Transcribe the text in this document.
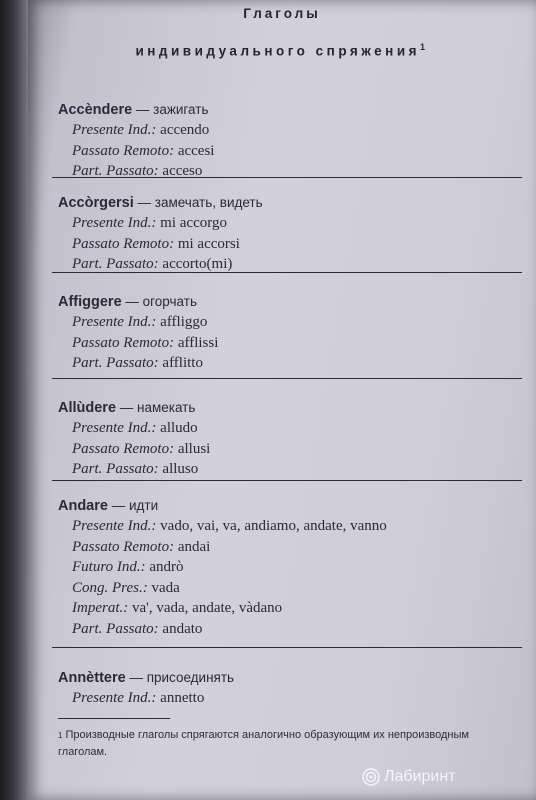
Глаголы
индивидуального спряжения$^1$
Accèndere — зажигать
Presente Ind.: accendo
Passato Remoto: accesi
Part. Passato: acceso
Accòrgersi — замечать, видеть
Presente Ind.: mi accorgo
Passato Remoto: mi accorsi
Part. Passato: accorto(mi)
Affiggere — огорчать
Presente Ind.: affliggo
Passato Remoto: afflissi
Part. Passato: afflitto
Allùdere — намекать
Presente Ind.: alludo
Passato Remoto: allusi
Part. Passato: alluso
Andare — идти
Presente Ind.: vado, vai, va, andiamo, andate, vanno
Passato Remoto: andai
Futuro Ind.: andrò
Cong. Pres.: vada
Imperat.: va', vada, andate, vàdano
Part. Passato: andato
Annèttere — присоединять
Presente Ind.: annetto
$^1$ Производные глаголы спрягаются аналогично образующим их непроизводным глаголам.
Лабиринт
